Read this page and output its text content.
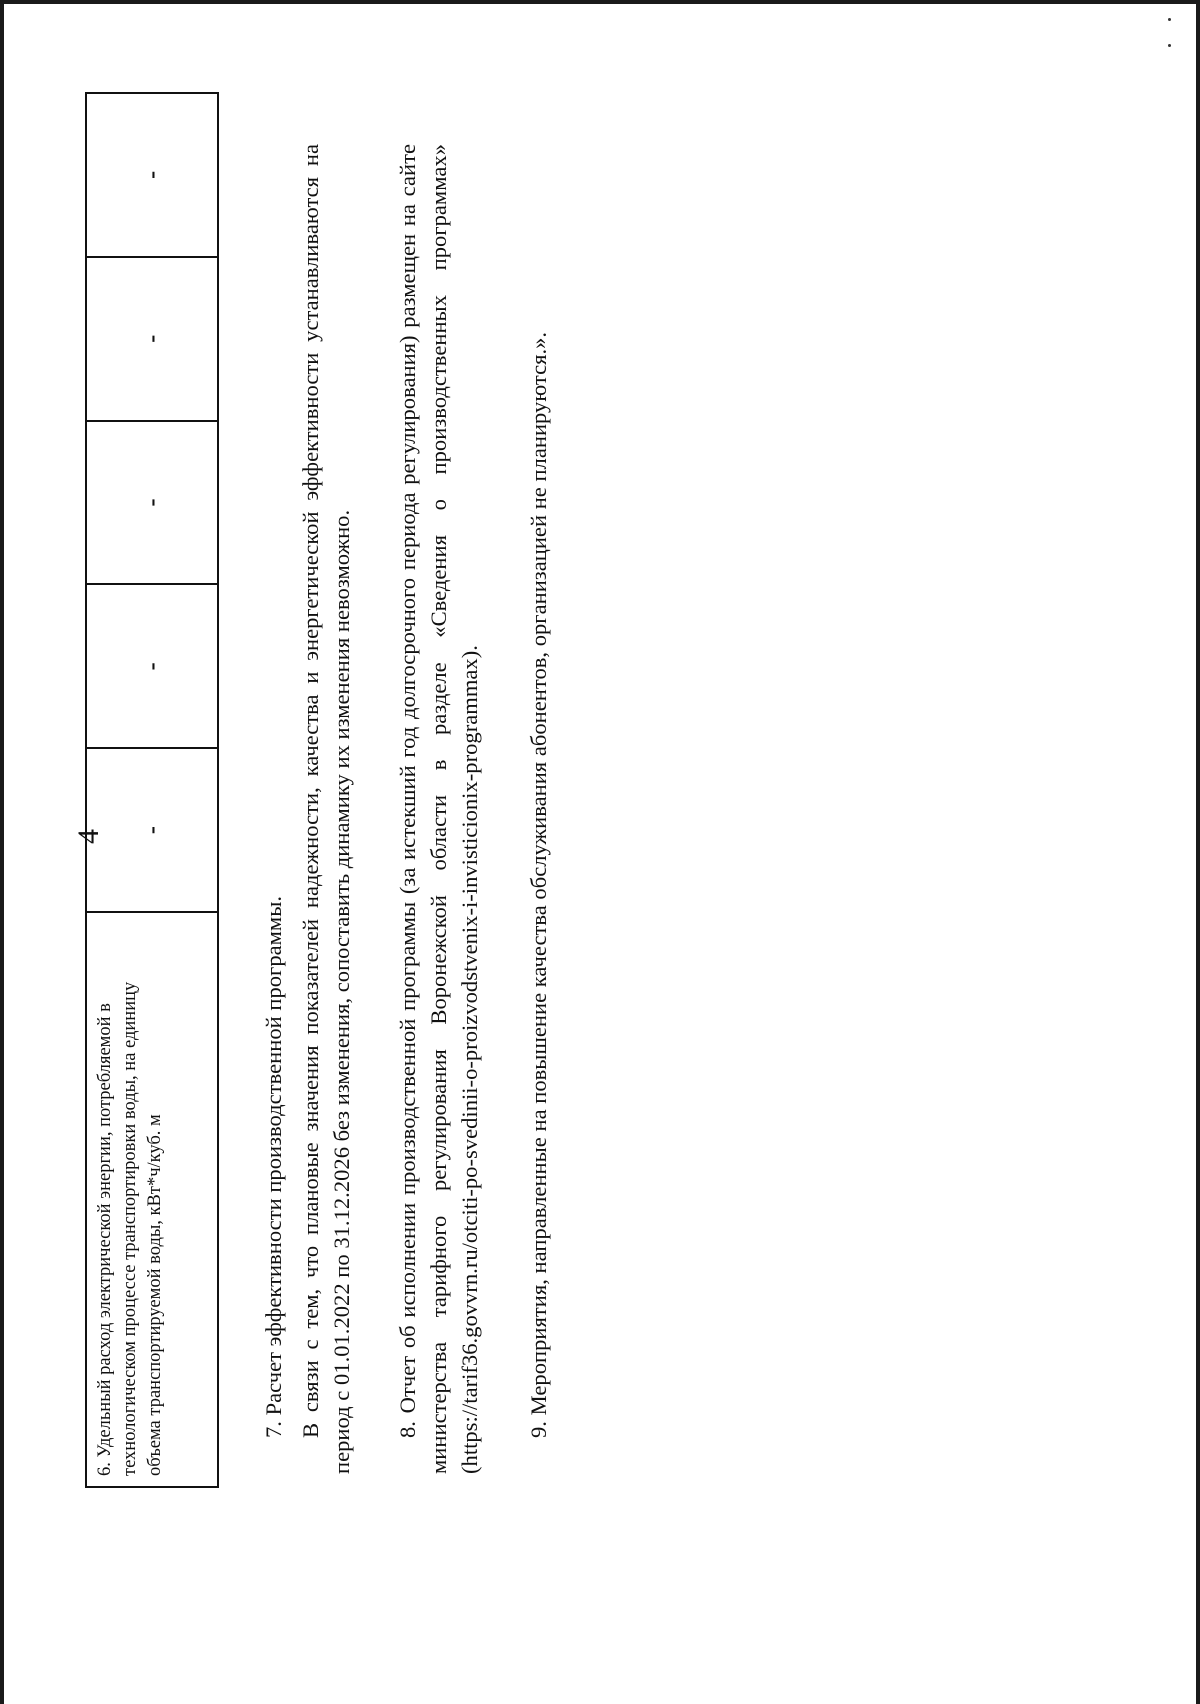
4
6. Удельный расход электрической энергии, потребляемой в технологическом процессе транспортировки воды, на единицу объема транспортируемой воды, кВт*ч/куб. м
-
-
-
-
-
7. Расчет эффективности производственной программы. В связи с тем, что плановые значения показателей надежности, качества и энергетической эффективности устанавливаются на период с 01.01.2022 по 31.12.2026 без изменения, сопоставить динамику их изменения невозможно. 8. Отчет об исполнении производственной программы (за истекший год долгосрочного периода регулирования) размещен на сайте министерства тарифного регулирования Воронежской области в разделе «Сведения о производственных программах» (https://tarif36.govvrn.ru/otciti-po-svedinii-o-proizvodstvenix-i-invisticionix-programmax). 9. Мероприятия, направленные на повышение качества обслуживания абонентов, организацией не планируются.».
